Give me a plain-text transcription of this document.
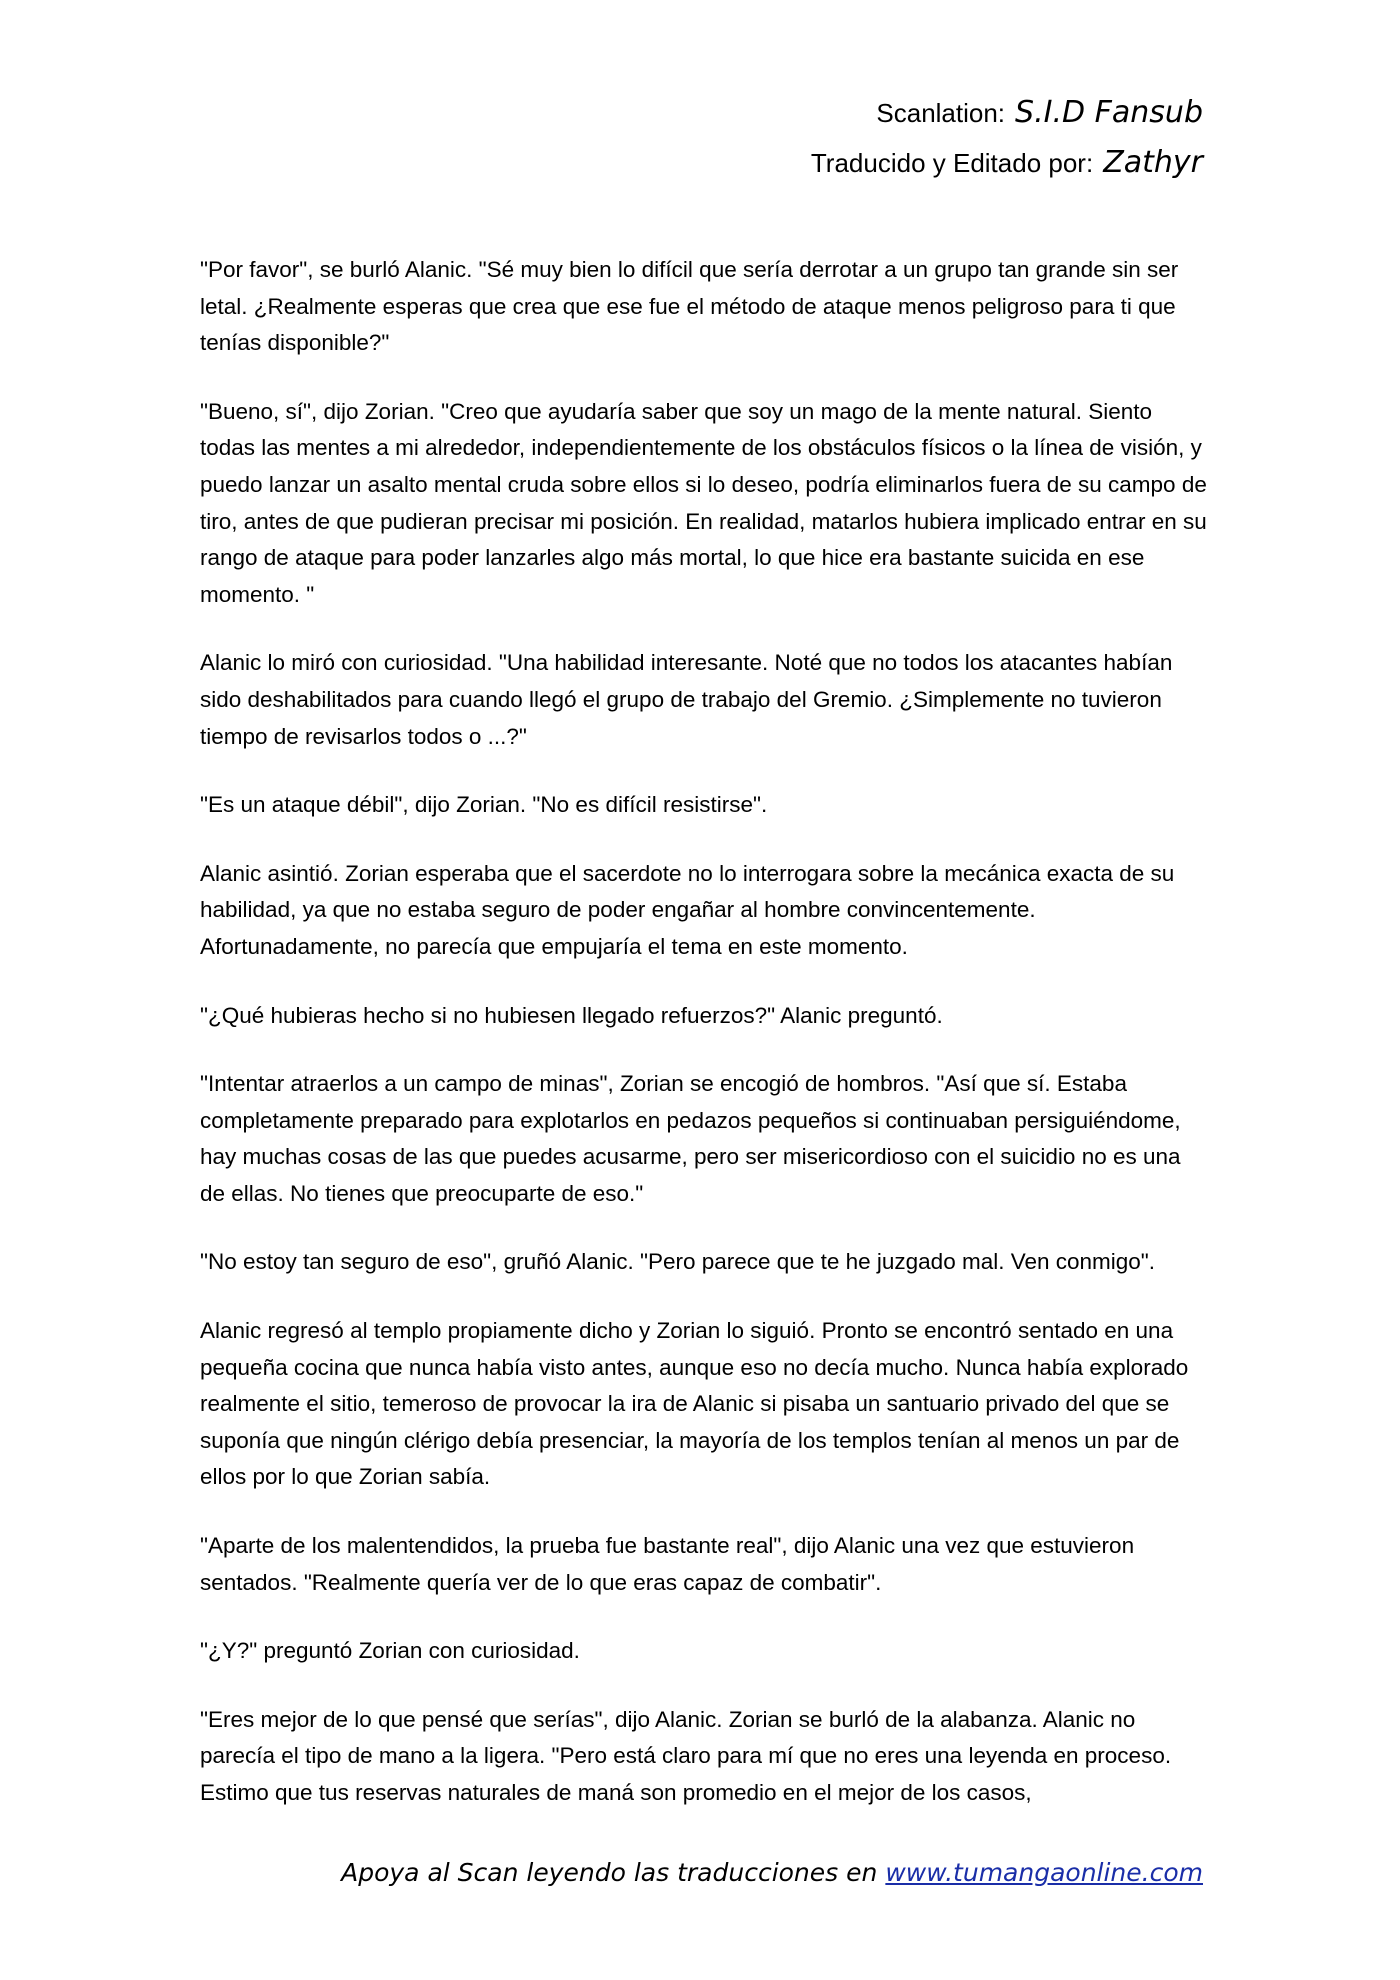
Scanlation: S.I.D Fansub
Traducido y Editado por: Zathyr

"Por favor", se burló Alanic. "Sé muy bien lo difícil que sería derrotar a un grupo tan grande sin ser letal. ¿Realmente esperas que crea que ese fue el método de ataque menos peligroso para ti que tenías disponible?"

"Bueno, sí", dijo Zorian. "Creo que ayudaría saber que soy un mago de la mente natural. Siento todas las mentes a mi alrededor, independientemente de los obstáculos físicos o la línea de visión, y puedo lanzar un asalto mental cruda sobre ellos si lo deseo, podría eliminarlos fuera de su campo de tiro, antes de que pudieran precisar mi posición. En realidad, matarlos hubiera implicado entrar en su rango de ataque para poder lanzarles algo más mortal, lo que hice era bastante suicida en ese momento. "

Alanic lo miró con curiosidad. "Una habilidad interesante. Noté que no todos los atacantes habían sido deshabilitados para cuando llegó el grupo de trabajo del Gremio. ¿Simplemente no tuvieron tiempo de revisarlos todos o ...?"

"Es un ataque débil", dijo Zorian. "No es difícil resistirse".

Alanic asintió. Zorian esperaba que el sacerdote no lo interrogara sobre la mecánica exacta de su habilidad, ya que no estaba seguro de poder engañar al hombre convincentemente. Afortunadamente, no parecía que empujaría el tema en este momento.

"¿Qué hubieras hecho si no hubiesen llegado refuerzos?" Alanic preguntó.

"Intentar atraerlos a un campo de minas", Zorian se encogió de hombros. "Así que sí. Estaba completamente preparado para explotarlos en pedazos pequeños si continuaban persiguiéndome, hay muchas cosas de las que puedes acusarme, pero ser misericordioso con el suicidio no es una de ellas. No tienes que preocuparte de eso."

"No estoy tan seguro de eso", gruñó Alanic. "Pero parece que te he juzgado mal. Ven conmigo".

Alanic regresó al templo propiamente dicho y Zorian lo siguió. Pronto se encontró sentado en una pequeña cocina que nunca había visto antes, aunque eso no decía mucho. Nunca había explorado realmente el sitio, temeroso de provocar la ira de Alanic si pisaba un santuario privado del que se suponía que ningún clérigo debía presenciar, la mayoría de los templos tenían al menos un par de ellos por lo que Zorian sabía.

"Aparte de los malentendidos, la prueba fue bastante real", dijo Alanic una vez que estuvieron sentados. "Realmente quería ver de lo que eras capaz de combatir".

"¿Y?" preguntó Zorian con curiosidad.

"Eres mejor de lo que pensé que serías", dijo Alanic. Zorian se burló de la alabanza. Alanic no parecía el tipo de mano a la ligera. "Pero está claro para mí que no eres una leyenda en proceso. Estimo que tus reservas naturales de maná son promedio en el mejor de los casos,

Apoya al Scan leyendo las traducciones en www.tumangaonline.com
